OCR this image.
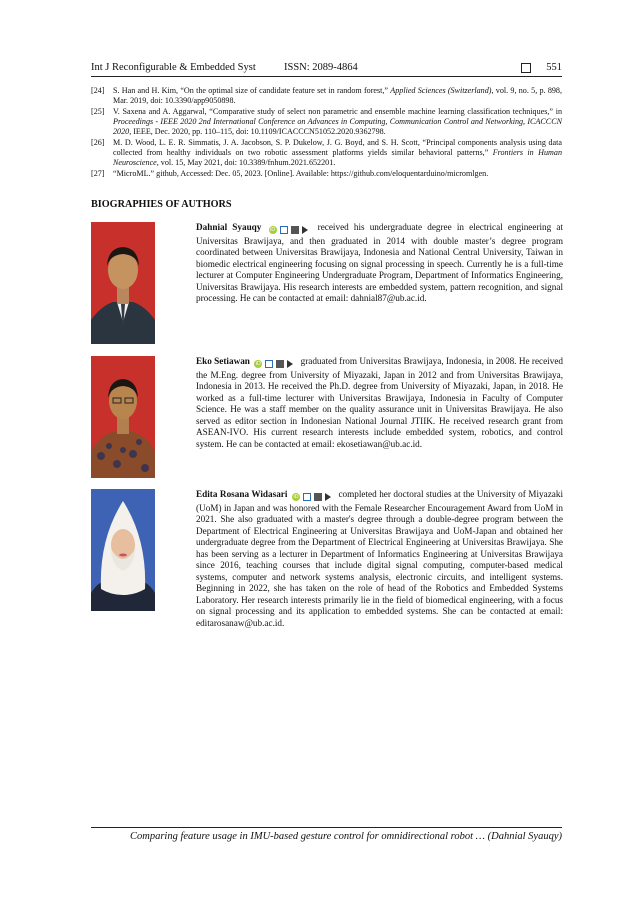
Int J Reconfigurable & Embedded Syst	ISSN: 2089-4864	551
[24]	S. Han and H. Kim, “On the optimal size of candidate feature set in random forest,” Applied Sciences (Switzerland), vol. 9, no. 5, p. 898, Mar. 2019, doi: 10.3390/app9050898.
[25]	V. Saxena and A. Aggarwal, “Comparative study of select non parametric and ensemble machine learning classification techniques,” in Proceedings - IEEE 2020 2nd International Conference on Advances in Computing, Communication Control and Networking, ICACCCN 2020, IEEE, Dec. 2020, pp. 110–115, doi: 10.1109/ICACCCN51052.2020.9362798.
[26]	M. D. Wood, L. E. R. Simmatis, J. A. Jacobson, S. P. Dukelow, J. G. Boyd, and S. H. Scott, “Principal components analysis using data collected from healthy individuals on two robotic assessment platforms yields similar behavioral patterns,” Frontiers in Human Neuroscience, vol. 15, May 2021, doi: 10.3389/fnhum.2021.652201.
[27]	“MicroML.” github, Accessed: Dec. 05, 2023. [Online]. Available: https://github.com/eloquentarduino/micromlgen.
BIOGRAPHIES OF AUTHORS
Dahnial Syauqy iD	received his undergraduate degree in electrical engineering at Universitas Brawijaya, and then graduated in 2014 with double master’s degree program coordinated between Universitas Brawijaya, Indonesia and National Central University, Taiwan in biomedic electrical engineering focusing on signal processing in speech. Currently he is a full-time lecturer at Computer Engineering Undergraduate Program, Department of Informatics Engineering, Universitas Brawijaya. His research interests are embedded system, pattern recognition, and signal processing. He can be contacted at email: dahnial87@ub.ac.id.
Eko Setiawan iD	graduated from Universitas Brawijaya, Indonesia, in 2008. He received the M.Eng. degree from University of Miyazaki, Japan in 2012 and from Universitas Brawijaya, Indonesia in 2013. He received the Ph.D. degree from University of Miyazaki, Japan, in 2018. He worked as a full-time lecturer with Universitas Brawijaya, Indonesia in Faculty of Computer Science. He was a staff member on the quality assurance unit in Universitas Brawijaya. He also served as editor section in Indonesian National Journal JTIIK. He received research grant from ASEAN-IVO. His current research interests include embedded system, robotics, and control system. He can be contacted at email: ekosetiawan@ub.ac.id.
Edita Rosana Widasari iD	completed her doctoral studies at the University of Miyazaki (UoM) in Japan and was honored with the Female Researcher Encouragement Award from UoM in 2021. She also graduated with a master's degree through a double-degree program between the Department of Electrical Engineering at Universitas Brawijaya and UoM-Japan and obtained her undergraduate degree from the Department of Electrical Engineering at Universitas Brawijaya. She has been serving as a lecturer in Department of Informatics Engineering at Universitas Brawijaya since 2016, teaching courses that include digital signal computing, computer-based medical systems, computer and network systems analysis, electronic circuits, and intelligent systems. Beginning in 2022, she has taken on the role of head of the Robotics and Embedded Systems Laboratory. Her research interests primarily lie in the field of biomedical engineering, with a focus on signal processing and its application to embedded systems. She can be contacted at email: editarosanaw@ub.ac.id.
Comparing feature usage in IMU-based gesture control for omnidirectional robot … (Dahnial Syauqy)
